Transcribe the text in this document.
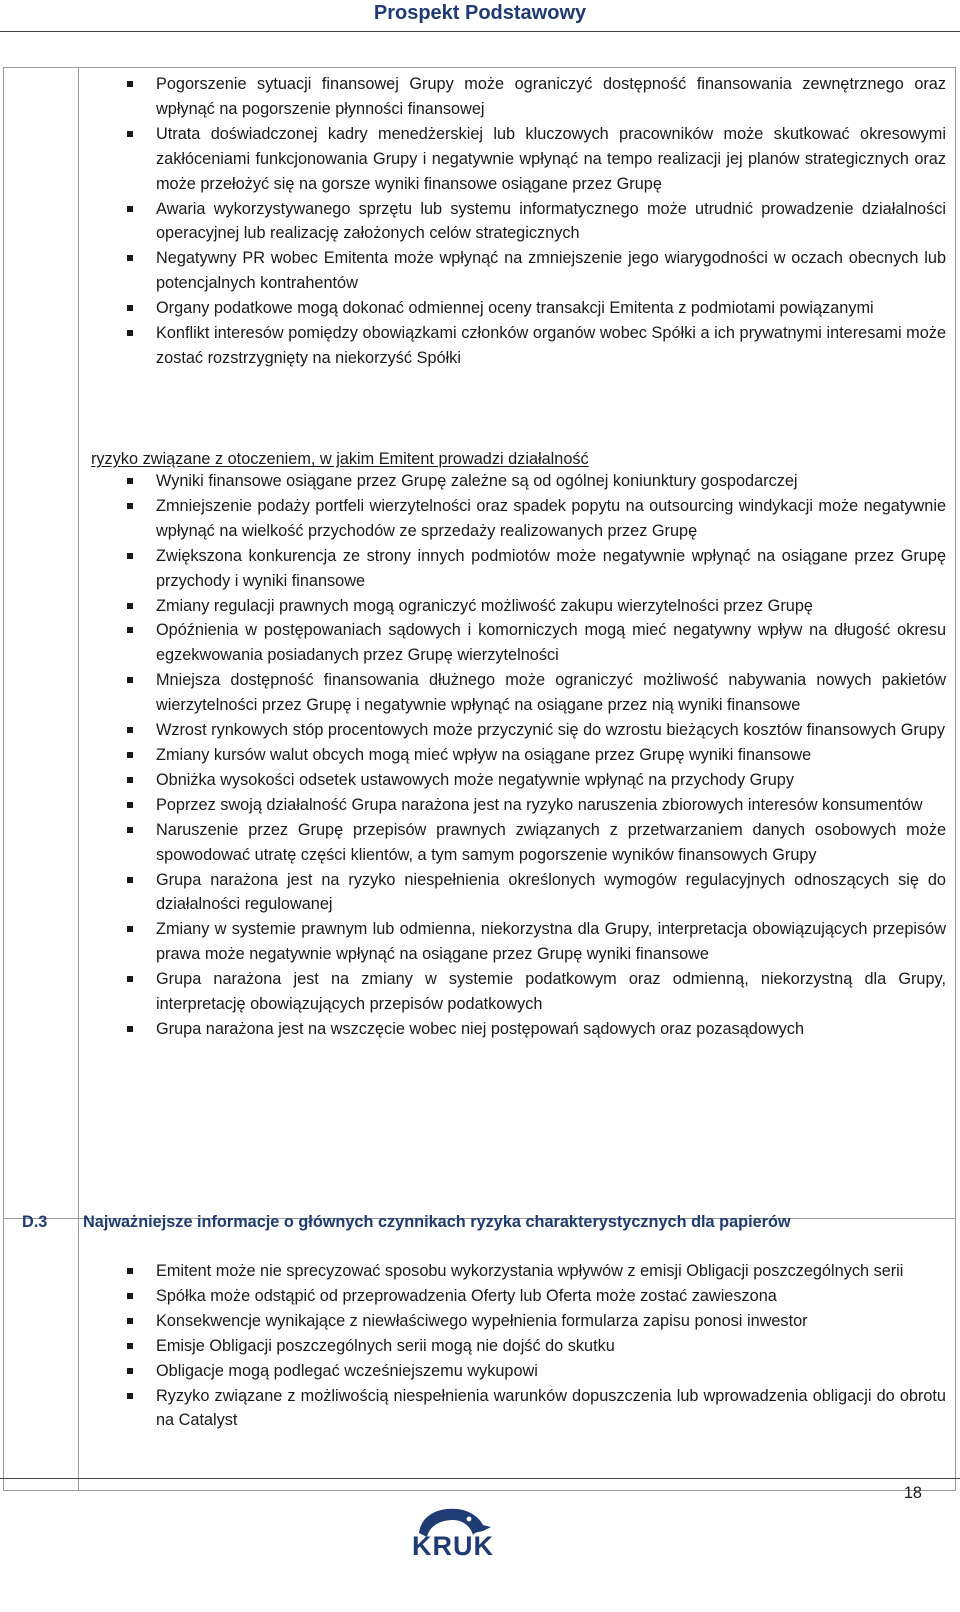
Prospekt Podstawowy
Pogorszenie sytuacji finansowej Grupy może ograniczyć dostępność finansowania zewnętrznego oraz wpłynąć na pogorszenie płynności finansowej
Utrata doświadczonej kadry menedżerskiej lub kluczowych pracowników może skutkować okresowymi zakłóceniami funkcjonowania Grupy i negatywnie wpłynąć na tempo realizacji jej planów strategicznych oraz może przełożyć się na gorsze wyniki finansowe osiągane przez Grupę
Awaria wykorzystywanego sprzętu lub systemu informatycznego może utrudnić prowadzenie działalności operacyjnej lub realizację założonych celów strategicznych
Negatywny PR wobec Emitenta może wpłynąć na zmniejszenie jego wiarygodności w oczach obecnych lub potencjalnych kontrahentów
Organy podatkowe mogą dokonać odmiennej oceny transakcji Emitenta z podmiotami powiązanymi
Konflikt interesów pomiędzy obowiązkami członków organów wobec Spółki a ich prywatnymi interesami może zostać rozstrzygnięty na niekorzyść Spółki
ryzyko związane z otoczeniem, w jakim Emitent prowadzi działalność
Wyniki finansowe osiągane przez Grupę zależne są od ogólnej koniunktury gospodarczej
Zmniejszenie podaży portfeli wierzytelności oraz spadek popytu na outsourcing windykacji może negatywnie wpłynąć na wielkość przychodów ze sprzedaży realizowanych przez Grupę
Zwiększona konkurencja ze strony innych podmiotów może negatywnie wpłynąć na osiągane przez Grupę przychody i wyniki finansowe
Zmiany regulacji prawnych mogą ograniczyć możliwość zakupu wierzytelności przez Grupę
Opóźnienia w postępowaniach sądowych i komorniczych mogą mieć negatywny wpływ na długość okresu egzekwowania posiadanych przez Grupę wierzytelności
Mniejsza dostępność finansowania dłużnego może ograniczyć możliwość nabywania nowych pakietów wierzytelności przez Grupę i negatywnie wpłynąć na osiągane przez nią wyniki finansowe
Wzrost rynkowych stóp procentowych może przyczynić się do wzrostu bieżących kosztów finansowych Grupy
Zmiany kursów walut obcych mogą mieć wpływ na osiągane przez Grupę wyniki finansowe
Obniżka wysokości odsetek ustawowych może negatywnie wpłynąć na przychody Grupy
Poprzez swoją działalność Grupa narażona jest na ryzyko naruszenia zbiorowych interesów konsumentów
Naruszenie przez Grupę przepisów prawnych związanych z przetwarzaniem danych osobowych może spowodować utratę części klientów, a tym samym pogorszenie wyników finansowych Grupy
Grupa narażona jest na ryzyko niespełnienia określonych wymogów regulacyjnych odnoszących się do działalności regulowanej
Zmiany w systemie prawnym lub odmienna, niekorzystna dla Grupy, interpretacja obowiązujących przepisów prawa może negatywnie wpłynąć na osiągane przez Grupę wyniki finansowe
Grupa narażona jest na zmiany w systemie podatkowym oraz odmienną, niekorzystną dla Grupy, interpretację obowiązujących przepisów podatkowych
Grupa narażona jest na wszczęcie wobec niej postępowań sądowych oraz pozasądowych
D.3 Najważniejsze informacje o głównych czynnikach ryzyka charakterystycznych dla papierów
Emitent może nie sprecyzować sposobu wykorzystania wpływów z emisji Obligacji poszczególnych serii
Spółka może odstąpić od przeprowadzenia Oferty lub Oferta może zostać zawieszona
Konsekwencje wynikające z niewłaściwego wypełnienia formularza zapisu ponosi inwestor
Emisje Obligacji poszczególnych serii mogą nie dojść do skutku
Obligacje mogą podlegać wcześniejszemu wykupowi
Ryzyko związane z możliwością niespełnienia warunków dopuszczenia lub wprowadzenia obligacji do obrotu na Catalyst
18
KRUK
